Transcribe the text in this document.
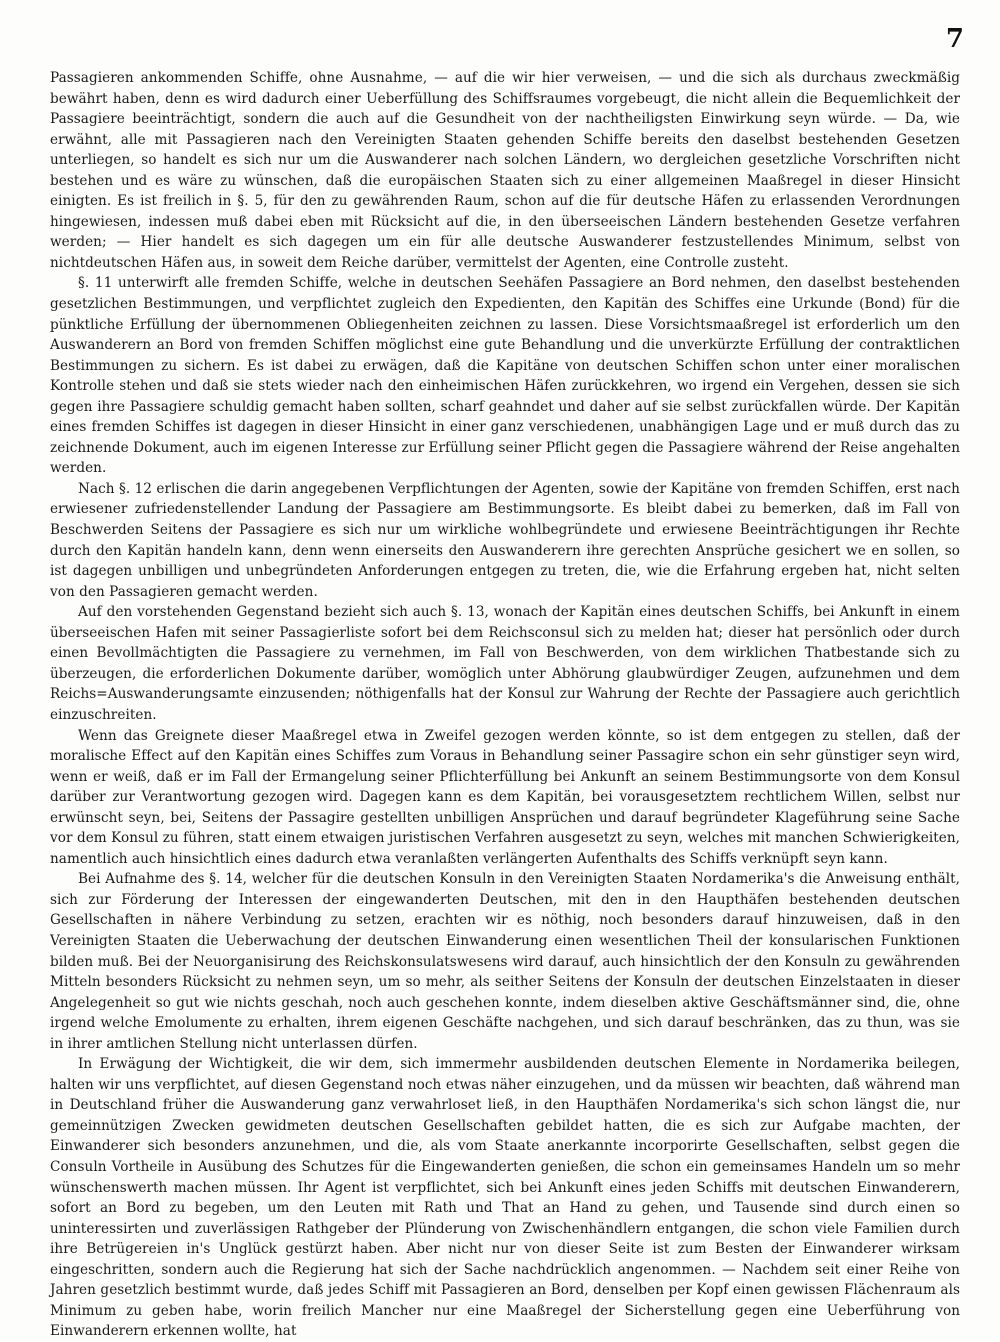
7

Passagieren ankommenden Schiffe, ohne Ausnahme, — auf die wir hier verweisen, — und die sich als durchaus zweckmäßig bewährt haben, denn es wird dadurch einer Ueberfüllung des Schiffsraumes vorgebeugt, die nicht allein die Bequemlichkeit der Passagiere beeinträchtigt, sondern die auch auf die Gesundheit von der nachtheiligsten Einwirkung seyn würde. — Da, wie erwähnt, alle mit Passagieren nach den Vereinigten Staaten gehenden Schiffe bereits den daselbst bestehenden Gesetzen unterliegen, so handelt es sich nur um die Auswanderer nach solchen Ländern, wo dergleichen gesetzliche Vorschriften nicht bestehen und es wäre zu wünschen, daß die europäischen Staaten sich zu einer allgemeinen Maaßregel in dieser Hinsicht einigten. Es ist freilich in §. 5, für den zu gewährenden Raum, schon auf die für deutsche Häfen zu erlassenden Verordnungen hingewiesen, indessen muß dabei eben mit Rücksicht auf die, in den überseeischen Ländern bestehenden Gesetze verfahren werden; — Hier handelt es sich dagegen um ein für alle deutsche Auswanderer festzustellendes Minimum, selbst von nichtdeutschen Häfen aus, in soweit dem Reiche darüber, vermittelst der Agenten, eine Controlle zusteht.

§. 11 unterwirft alle fremden Schiffe, welche in deutschen Seehäfen Passagiere an Bord nehmen, den daselbst bestehenden gesetzlichen Bestimmungen, und verpflichtet zugleich den Expedienten, den Kapitän des Schiffes eine Urkunde (Bond) für die pünktliche Erfüllung der übernommenen Obliegenheiten zeichnen zu lassen. Diese Vorsichtsmaaßregel ist erforderlich um den Auswanderern an Bord von fremden Schiffen möglichst eine gute Behandlung und die unverkürzte Erfüllung der contraktlichen Bestimmungen zu sichern. Es ist dabei zu erwägen, daß die Kapitäne von deutschen Schiffen schon unter einer moralischen Kontrolle stehen und daß sie stets wieder nach den einheimischen Häfen zurückkehren, wo irgend ein Vergehen, dessen sie sich gegen ihre Passagiere schuldig gemacht haben sollten, scharf geahndet und daher auf sie selbst zurückfallen würde. Der Kapitän eines fremden Schiffes ist dagegen in dieser Hinsicht in einer ganz verschiedenen, unabhängigen Lage und er muß durch das zu zeichnende Dokument, auch im eigenen Interesse zur Erfüllung seiner Pflicht gegen die Passagiere während der Reise angehalten werden.

Nach §. 12 erlischen die darin angegebenen Verpflichtungen der Agenten, sowie der Kapitäne von fremden Schiffen, erst nach erwiesener zufriedenstellender Landung der Passagiere am Bestimmungsorte. Es bleibt dabei zu bemerken, daß im Fall von Beschwerden Seitens der Passagiere es sich nur um wirkliche wohlbegründete und erwiesene Beeinträchtigungen ihr Rechte durch den Kapitän handeln kann, denn wenn einerseits den Auswanderern ihre gerechten Ansprüche gesichert we en sollen, so ist dagegen unbilligen und unbegründeten Anforderungen entgegen zu treten, die, wie die Erfahrung ergeben hat, nicht selten von den Passagieren gemacht werden.

Auf den vorstehenden Gegenstand bezieht sich auch §. 13, wonach der Kapitän eines deutschen Schiffs, bei Ankunft in einem überseeischen Hafen mit seiner Passagierliste sofort bei dem Reichsconsul sich zu melden hat; dieser hat persönlich oder durch einen Bevollmächtigten die Passagiere zu vernehmen, im Fall von Beschwerden, von dem wirklichen Thatbestande sich zu überzeugen, die erforderlichen Dokumente darüber, womöglich unter Abhörung glaubwürdiger Zeugen, aufzunehmen und dem Reichs=Auswanderungsamte einzusenden; nöthigenfalls hat der Konsul zur Wahrung der Rechte der Passagiere auch gerichtlich einzuschreiten.

Wenn das Greignete dieser Maaßregel etwa in Zweifel gezogen werden könnte, so ist dem entgegen zu stellen, daß der moralische Effect auf den Kapitän eines Schiffes zum Voraus in Behandlung seiner Passagire schon ein sehr günstiger seyn wird, wenn er weiß, daß er im Fall der Ermangelung seiner Pflichterfüllung bei Ankunft an seinem Bestimmungsorte von dem Konsul darüber zur Verantwortung gezogen wird. Dagegen kann es dem Kapitän, bei vorausgesetztem rechtlichem Willen, selbst nur erwünscht seyn, bei, Seitens der Passagire gestellten unbilligen Ansprüchen und darauf begründeter Klageführung seine Sache vor dem Konsul zu führen, statt einem etwaigen juristischen Verfahren ausgesetzt zu seyn, welches mit manchen Schwierigkeiten, namentlich auch hinsichtlich eines dadurch etwa veranlaßten verlängerten Aufenthalts des Schiffs verknüpft seyn kann.

Bei Aufnahme des §. 14, welcher für die deutschen Konsuln in den Vereinigten Staaten Nordamerika's die Anweisung enthält, sich zur Förderung der Interessen der eingewanderten Deutschen, mit den in den Haupthäfen bestehenden deutschen Gesellschaften in nähere Verbindung zu setzen, erachten wir es nöthig, noch besonders darauf hinzuweisen, daß in den Vereinigten Staaten die Ueberwachung der deutschen Einwanderung einen wesentlichen Theil der konsularischen Funktionen bilden muß. Bei der Neuorganisirung des Reichskonsulatswesens wird darauf, auch hinsichtlich der den Konsuln zu gewährenden Mitteln besonders Rücksicht zu nehmen seyn, um so mehr, als seither Seitens der Konsuln der deutschen Einzelstaaten in dieser Angelegenheit so gut wie nichts geschah, noch auch geschehen konnte, indem dieselben aktive Geschäftsmänner sind, die, ohne irgend welche Emolumente zu erhalten, ihrem eigenen Geschäfte nachgehen, und sich darauf beschränken, das zu thun, was sie in ihrer amtlichen Stellung nicht unterlassen dürfen.

In Erwägung der Wichtigkeit, die wir dem, sich immermehr ausbildenden deutschen Elemente in Nordamerika beilegen, halten wir uns verpflichtet, auf diesen Gegenstand noch etwas näher einzugehen, und da müssen wir beachten, daß während man in Deutschland früher die Auswanderung ganz verwahrloset ließ, in den Haupthäfen Nordamerika's sich schon längst die, nur gemeinnützigen Zwecken gewidmeten deutschen Gesellschaften gebildet hatten, die es sich zur Aufgabe machten, der Einwanderer sich besonders anzunehmen, und die, als vom Staate anerkannte incorporirte Gesellschaften, selbst gegen die Consuln Vortheile in Ausübung des Schutzes für die Eingewanderten genießen, die schon ein gemeinsames Handeln um so mehr wünschenswerth machen müssen. Ihr Agent ist verpflichtet, sich bei Ankunft eines jeden Schiffs mit deutschen Einwanderern, sofort an Bord zu begeben, um den Leuten mit Rath und That an Hand zu gehen, und Tausende sind durch einen so uninteressirten und zuverlässigen Rathgeber der Plünderung von Zwischenhändlern entgangen, die schon viele Familien durch ihre Betrügereien in's Unglück gestürzt haben. Aber nicht nur von dieser Seite ist zum Besten der Einwanderer wirksam eingeschritten, sondern auch die Regierung hat sich der Sache nachdrücklich angenommen. — Nachdem seit einer Reihe von Jahren gesetzlich bestimmt wurde, daß jedes Schiff mit Passagieren an Bord, denselben per Kopf einen gewissen Flächenraum als Minimum zu geben habe, worin freilich Mancher nur eine Maaßregel der Sicherstellung gegen eine Ueberführung von Einwanderern erkennen wollte, hat
